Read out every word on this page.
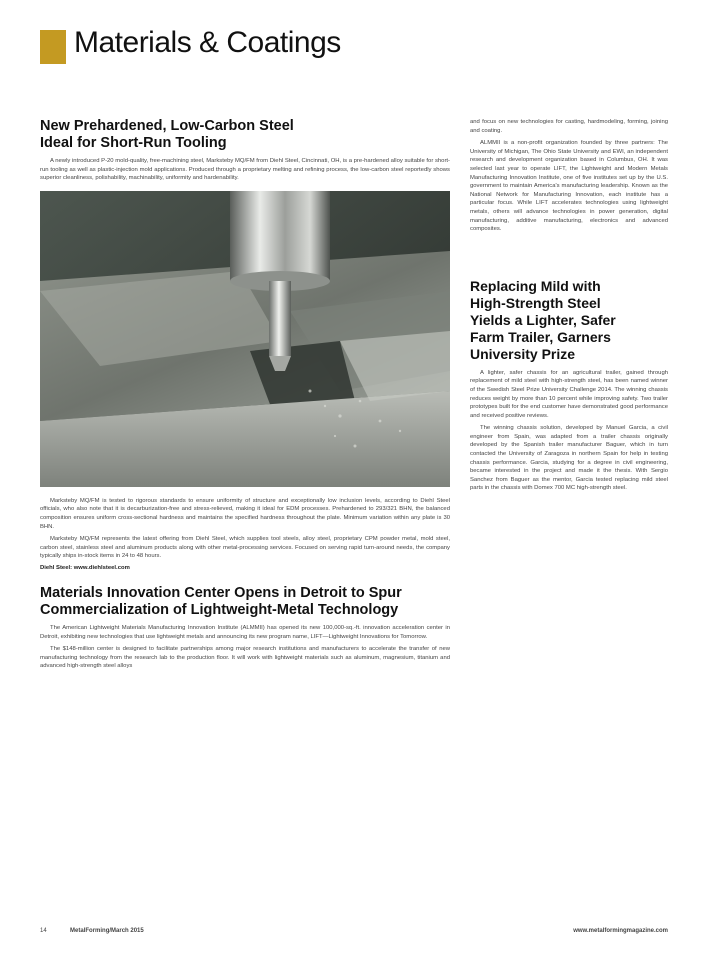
Materials & Coatings
New Prehardened, Low-Carbon Steel
Ideal for Short-Run Tooling

A newly introduced P-20 mold-quality, free-machining steel, Marksteby MQ/FM from Diehl Steel, Cincinnati, OH, is a pre-hardened alloy suitable for short-run tooling as well as plastic-injection mold applications. Produced through a proprietary melting and refining process, the low-carbon steel reportedly shows superior cleanliness, polishability, machinability, uniformity and hardenability.

Marksteby MQ/FM is tested to rigorous standards to ensure uniformity of structure and exceptionally low inclusion levels, according to Diehl Steel officials, who also note that it is decarburization-free and stress-relieved, making it ideal for EDM processes. Prehardened to 293/321 BHN, the balanced composition ensures uniform cross-sectional hardness and maintains the specified hardness throughout the plate. Minimum variation within any plate is 30 BHN.

Marksteby MQ/FM represents the latest offering from Diehl Steel, which supplies tool steels, alloy steel, proprietary CPM powder metal, mold steel, carbon steel, stainless steel and aluminum products along with other metal-processing services. Focused on serving rapid turn-around needs, the company typically ships in-stock items in 24 to 48 hours.

Diehl Steel: www.diehlsteel.com
Materials Innovation Center Opens in Detroit to Spur
Commercialization of Lightweight-Metal Technology

The American Lightweight Materials Manufacturing Innovation Institute (ALMMII) has opened its new 100,000-sq.-ft. innovation acceleration center in Detroit, exhibiting new technologies that use lightweight metals and announcing its new program name, LIFT—Lightweight Innovations for Tomorrow.

The $148-million center is designed to facilitate partnerships among major research institutions and manufacturers to accelerate the transfer of new manufacturing technology from the research lab to the production floor. It will work with lightweight materials such as aluminum, magnesium, titanium and advanced high-strength steel alloys

and focus on new technologies for casting, hardmodeling, forming, joining and coating.

ALMMII is a non-profit organization founded by three partners: The University of Michigan, The Ohio State University and EWI, an independent research and development organization based in Columbus, OH. It was selected last year to operate LIFT, the Lightweight and Modern Metals Manufacturing Innovation Institute, one of five institutes set up by the U.S. government to maintain America's manufacturing leadership. Known as the National Network for Manufacturing Innovation, each institute has a particular focus. While LIFT accelerates technologies using lightweight metals, others will advance technologies in power generation, digital manufacturing, additive manufacturing, electronics and advanced composites.

Replacing Mild with
High-Strength Steel
Yields a Lighter, Safer
Farm Trailer, Garners
University Prize

A lighter, safer chassis for an agricultural trailer, gained through replacement of mild steel with high-strength steel, has been named winner of the Swedish Steel Prize University Challenge 2014. The winning chassis reduces weight by more than 10 percent while improving safety. Two trailer prototypes built for the end customer have demonstrated good performance and received positive reviews.

The winning chassis solution, developed by Manuel Garcia, a civil engineer from Spain, was adapted from a trailer chassis originally developed by the Spanish trailer manufacturer Baguer, which in turn contacted the University of Zaragoza in northern Spain for help in testing chassis performance. Garcia, studying for a degree in civil engineering, became interested in the project and made it the thesis. With Sergio Sanchez from Baguer as the mentor, Garcia tested replacing mild steel parts in the chassis with Domex 700 MC high-strength steel.

14	MetalForming/March 2015	www.metalformingmagazine.com
